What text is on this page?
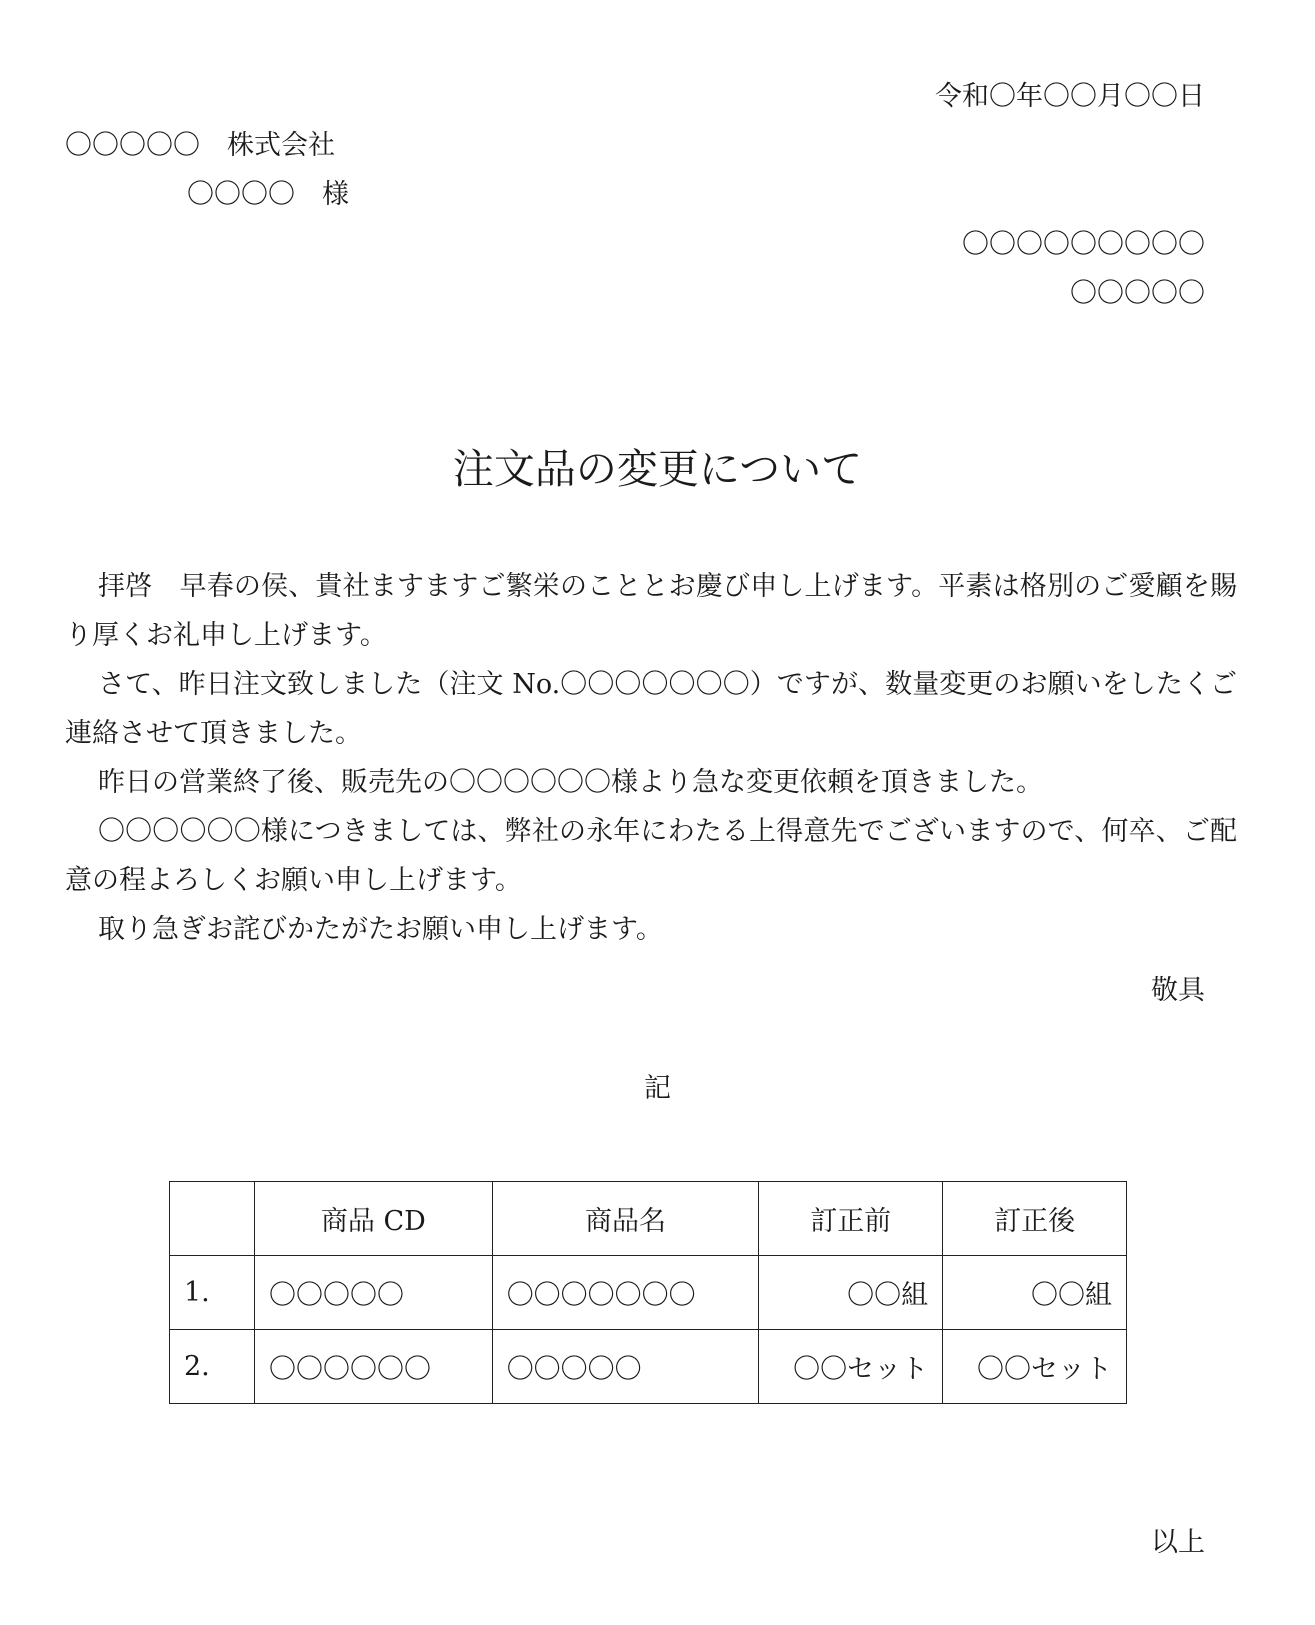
令和〇年〇〇月〇〇日
〇〇〇〇〇　株式会社
〇〇〇〇　様
〇〇〇〇〇〇〇〇〇
〇〇〇〇〇
注文品の変更について

拝啓　早春の侯、貴社ますますご繁栄のこととお慶び申し上げます。平素は格別のご愛顧を賜り厚くお礼申し上げます。

さて、昨日注文致しました（注文 No.〇〇〇〇〇〇〇）ですが、数量変更のお願いをしたくご連絡させて頂きました。

昨日の営業終了後、販売先の〇〇〇〇〇〇様より急な変更依頼を頂きました。

〇〇〇〇〇〇様につきましては、弊社の永年にわたる上得意先でございますので、何卒、ご配意の程よろしくお願い申し上げます。

取り急ぎお詫びかたがたお願い申し上げます。

敬具
記
	商品 CD	商品名	訂正前	訂正後
1.	〇〇〇〇〇	〇〇〇〇〇〇〇	〇〇組	〇〇組
2.	〇〇〇〇〇〇	〇〇〇〇〇	〇〇セット	〇〇セット
以上
